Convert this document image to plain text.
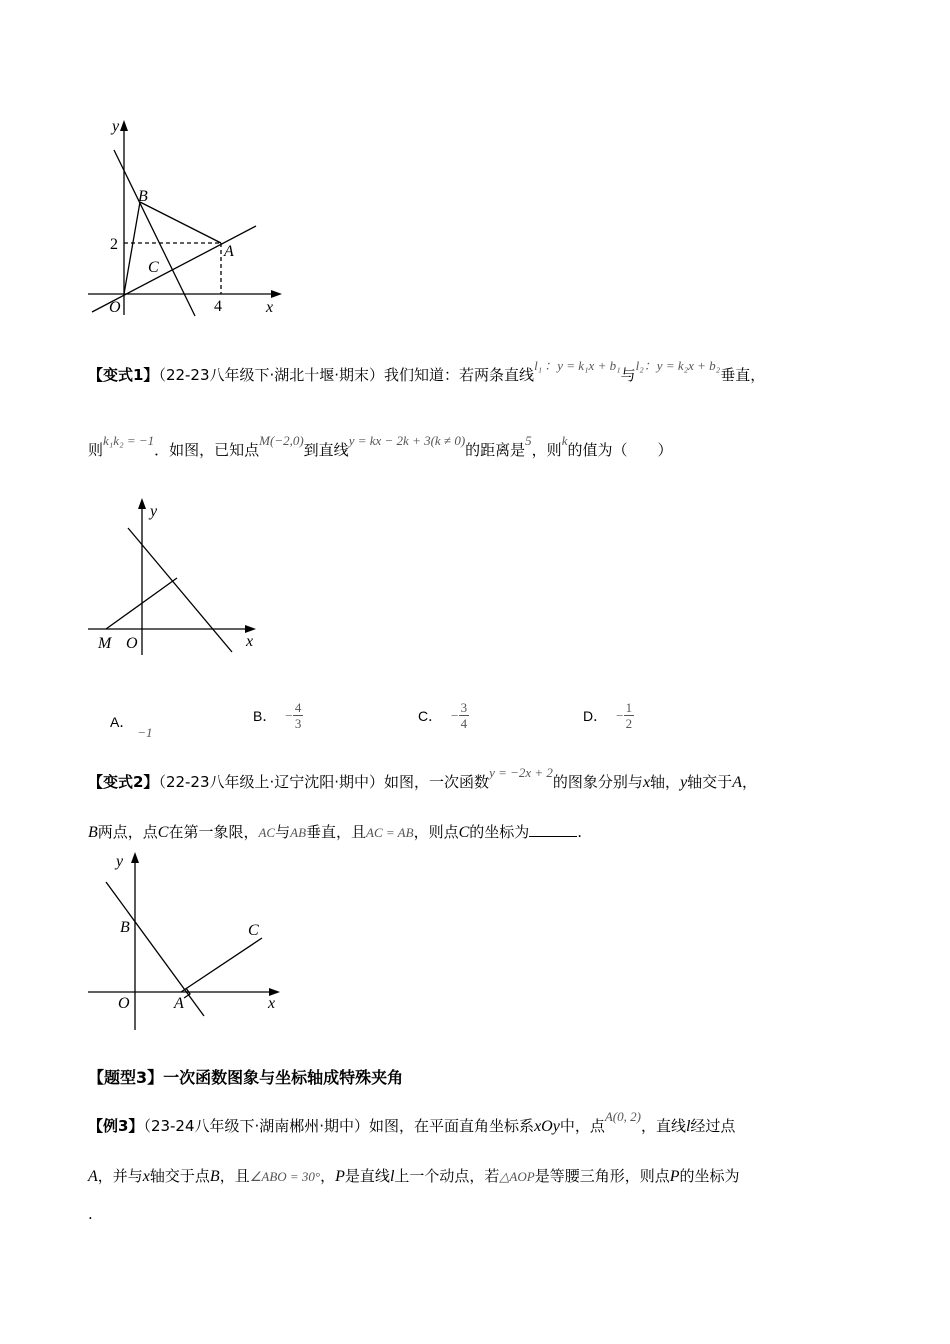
y
x
O
B
A
C
2
4
【变式1】（22-23八年级下·湖北十堰·期末）我们知道：若两条直线l₁ ：y = k₁x + b₁与l₂：y = k₂x + b₂垂直，
则k₁k₂ = −1．如图，已知点M(−2,0)到直线y = kx − 2k + 3(k ≠ 0)的距离是5，则k的值为（　　）
y
x
M O
A． −1
B． − $\frac{4}{3}$	C． − $\frac{3}{4}$	D． − $\frac{1}{2}$
【变式2】（22-23八年级上·辽宁沈阳·期中）如图，一次函数y = −2x + 2的图象分别与x轴，y轴交于A，
B两点，点C在第一象限，AC与AB垂直，且AC = AB，则点C的坐标为	.
y
x
B
O	A
C
【题型3】一次函数图象与坐标轴成特殊夹角
【例3】（23-24八年级下·湖南郴州·期中）如图，在平面直角坐标系xOy中，点A(0, 2)，直线l经过点
A，并与x轴交于点B，且∠ABO = 30°，P是直线l上一个动点，若△AOP是等腰三角形，则点P的坐标为
.
